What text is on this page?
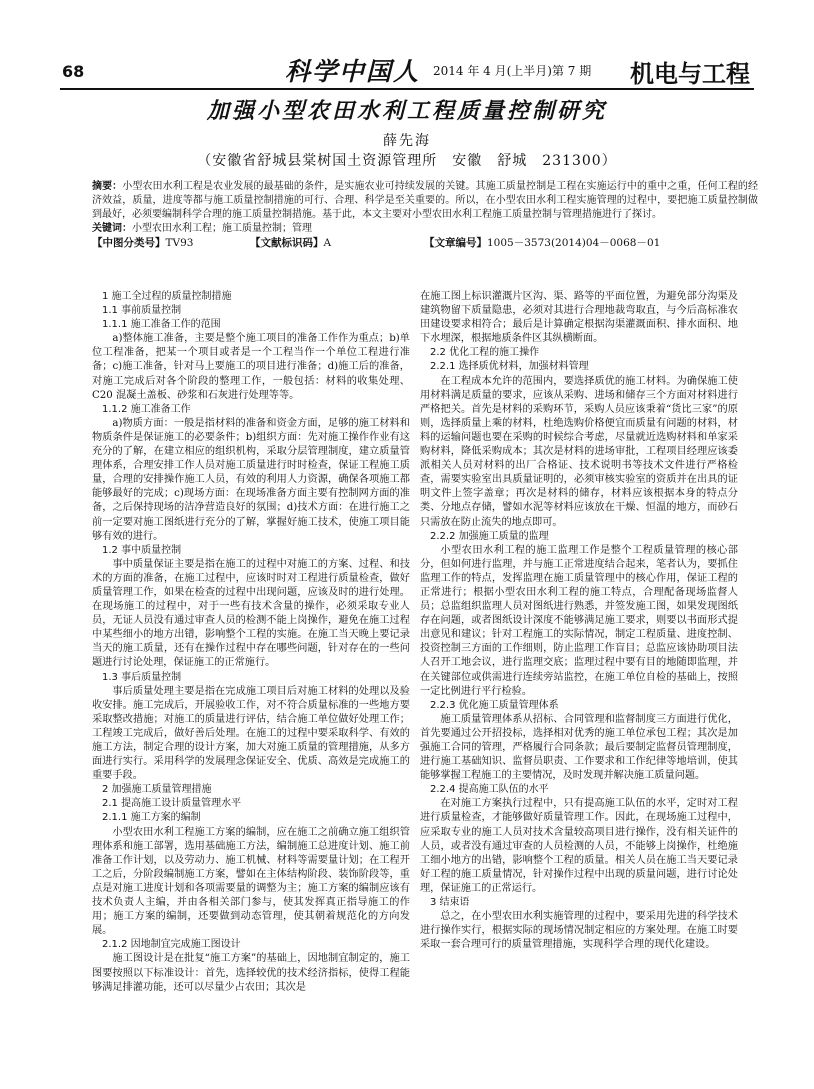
68	科学中国人 2014 年 4 月(上半月)第 7 期 机电与工程
加强小型农田水利工程质量控制研究
薛先海
（安徽省舒城县棠树国土资源管理所　安徽　舒城　231300）

摘要：小型农田水利工程是农业发展的最基础的条件，是实施农业可持续发展的关键。其施工质量控制是工程在实施运行中的重中之重，任何工程的经济效益，质量，进度等都与施工质量控制措施的可行、合理、科学是至关重要的。所以，在小型农田水利工程实施管理的过程中，要把施工质量控制做到最好，必须要编制科学合理的施工质量控制措施。基于此，本文主要对小型农田水利工程施工质量控制与管理措施进行了探讨。

关键词：小型农田水利工程；施工质量控制；管理

【中图分类号】TV93	【文献标识码】A	【文章编号】1005－3573(2014)04－0068－01

1 施工全过程的质量控制措施

1.1 事前质量控制

1.1.1 施工准备工作的范围

a)整体施工准备，主要是整个施工项目的准备工作作为重点；b)单位工程准备，把某一个项目或者是一个工程当作一个单位工程进行准备；c)施工准备，针对马上要施工的项目进行准备；d)施工后的准备，对施工完成后对各个阶段的整理工作，一般包括：材料的收集处理、C20 混凝土盖板、砂浆和石灰进行处理等等。

1.1.2 施工准备工作

a)物质方面：一般是指材料的准备和资金方面，足够的施工材料和物质条件是保证施工的必要条件；b)组织方面：先对施工操作作业有这充分的了解，在建立相应的组织机构，采取分层管理制度，建立质量管理体系，合理安排工作人员对施工质量进行时时检查，保证工程施工质量，合理的安排操作施工人员，有效的利用人力资源，确保各项施工都能够最好的完成；c)现场方面：在现场准备方面主要有控制网方面的准备，之后保持现场的洁净营造良好的氛围；d)技术方面：在进行施工之前一定要对施工图纸进行充分的了解，掌握好施工技术，使施工项目能够有效的进行。

1.2 事中质量控制

事中质量保证主要是指在施工的过程中对施工的方案、过程、和技术的方面的准备，在施工过程中，应该时时对工程进行质量检查，做好质量管理工作，如果在检查的过程中出现问题，应该及时的进行处理。在现场施工的过程中，对于一些有技术含量的操作，必须采取专业人员，无证人员没有通过审查人员的检测不能上岗操作，避免在施工过程中某些细小的地方出错，影响整个工程的实施。在施工当天晚上要记录当天的施工质量，还有在操作过程中存在哪些问题，针对存在的一些问题进行讨论处理，保证施工的正常施行。

1.3 事后质量控制

事后质量处理主要是指在完成施工项目后对施工材料的处理以及验收安排。施工完成后，开展验收工作，对不符合质量标准的一些地方要采取整改措施；对施工的质量进行评估，结合施工单位做好处理工作；工程竣工完成后，做好善后处理。在施工的过程中要采取科学、有效的施工方法，制定合理的设计方案，加大对施工质量的管理措施，从多方面进行实行。采用科学的发展理念保证安全、优质、高效是完成施工的重要手段。

2 加强施工质量管理措施

2.1 提高施工设计质量管理水平

2.1.1 施工方案的编制

小型农田水利工程施工方案的编制，应在施工之前确立施工组织管理体系和施工部署，选用基础施工方法，编制施工总进度计划、施工前准备工作计划，以及劳动力、施工机械、材料等需要量计划；在工程开工之后，分阶段编制施工方案，譬如在主体结构阶段、装饰阶段等，重点是对施工进度计划和各项需要量的调整为主；施工方案的编制应该有技术负责人主编，并由各相关部门参与，使其发挥真正指导施工的作用；施工方案的编制，还要做到动态管理，使其朝着规范化的方向发展。

2.1.2 因地制宜完成施工图设计

施工图设计是在批复“施工方案”的基础上，因地制宜制定的，施工图要按照以下标准设计：首先，选择较优的技术经济指标，使得工程能够满足排灌功能，还可以尽量少占农田；其次是

在施工图上标识灌溉片区沟、渠、路等的平面位置，为避免部分沟渠及建筑物留下质量隐患，必须对其进行合理地裁弯取直，与今后高标准农田建设要求相符合；最后是计算确定根据沟渠灌溉面积、排水面积、地下水埋深，根据地质条件区其纵横断面。

2.2 优化工程的施工操作

2.2.1 选择质优材料，加强材料管理

在工程成本允许的范围内，要选择质优的施工材料。为确保施工使用材料满足质量的要求，应该从采购、进场和储存三个方面对材料进行严格把关。首先是材料的采购环节，采购人员应该秉着“货比三家”的原则，选择质量上乘的材料，杜绝选购价格便宜而质量有问题的材料，材料的运输问题也要在采购的时候综合考虑，尽量就近选购材料和单家采购材料，降低采购成本；其次是材料的进场审批，工程项目经理应该委派相关人员对材料的出厂合格证、技术说明书等技术文件进行严格检查，需要实验室出具质量证明的，必须审核实验室的资质并在出具的证明文件上签字盖章；再次是材料的储存，材料应该根据本身的特点分类、分地点存储，譬如水泥等材料应该放在干燥、恒温的地方，而砂石只需放在防止流失的地点即可。

2.2.2 加强施工质量的监理

小型农田水利工程的施工监理工作是整个工程质量管理的核心部分，但如何进行监理，并与施工正常进度结合起来，笔者认为，要抓住监理工作的特点，发挥监理在施工质量管理中的核心作用，保证工程的正常进行；根据小型农田水利工程的施工特点，合理配备现场监督人员；总监组织监理人员对图纸进行熟悉，并签发施工图，如果发现图纸存在问题，或者图纸设计深度不能够满足施工要求，则要以书面形式提出意见和建议；针对工程施工的实际情况，制定工程质量、进度控制、投资控制三方面的工作细则，防止监理工作盲目；总监应该协助项目法人召开工地会议，进行监理交底；监理过程中要有目的地随即监理，并在关键部位或供需进行连续旁站监控，在施工单位自检的基础上，按照一定比例进行平行检验。

2.2.3 优化施工质量管理体系

施工质量管理体系从招标、合同管理和监督制度三方面进行优化，首先要通过公开招投标，选择相对优秀的施工单位承包工程；其次是加强施工合同的管理，严格履行合同条款；最后要制定监督员管理制度，进行施工基础知识、监督员职责、工作要求和工作纪律等地培训，使其能够掌握工程施工的主要情况，及时发现并解决施工质量问题。

2.2.4 提高施工队伍的水平

在对施工方案执行过程中，只有提高施工队伍的水平，定时对工程进行质量检查，才能够做好质量管理工作。因此，在现场施工过程中，应采取专业的施工人员对技术含量较高项目进行操作，没有相关证件的人员，或者没有通过审查的人员检测的人员，不能够上岗操作，杜绝施工细小地方的出错，影响整个工程的质量。相关人员在施工当天要记录好工程的施工质量情况，针对操作过程中出现的质量问题，进行讨论处理，保证施工的正常运行。

3 结束语

总之，在小型农田水利实施管理的过程中，要采用先进的科学技术进行操作实行，根据实际的现场情况制定相应的方案处理。在施工时要采取一套合理可行的质量管理措施，实现科学合理的现代化建设。
